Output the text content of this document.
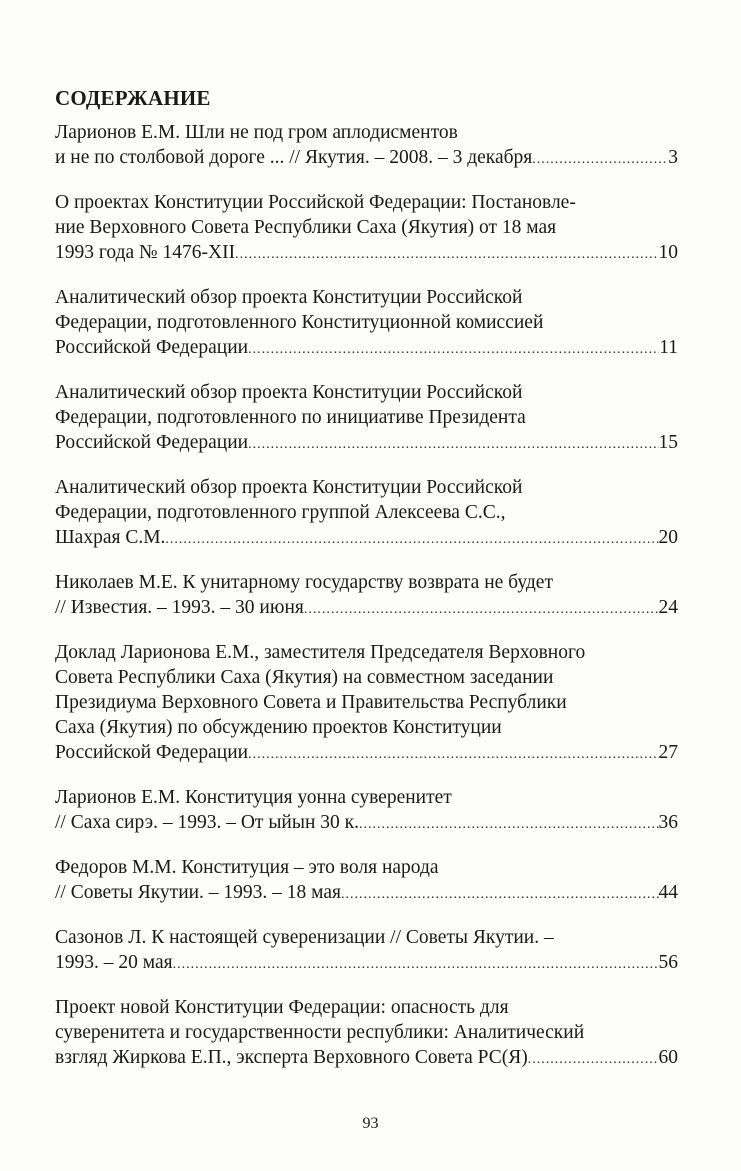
СОДЕРЖАНИЕ
Ларионов Е.М. Шли не под гром аплодисментов
и не по столбовой дороге ... // Якутия. – 2008. – 3 декабря .....	3
О проектах Конституции Российской Федерации: Постановле-
ние Верховного Совета Республики Саха (Якутия) от 18 мая
1993 года № 1476-XII .....	10
Аналитический обзор проекта Конституции Российской
Федерации, подготовленного Конституционной комиссией
Российской Федерации .....	11
Аналитический обзор проекта Конституции Российской
Федерации, подготовленного по инициативе Президента
Российской Федерации .....	15
Аналитический обзор проекта Конституции Российской
Федерации, подготовленного группой Алексеева С.С.,
Шахрая С.М. .....	20
Николаев М.Е. К унитарному государству возврата не будет
// Известия. – 1993. – 30 июня .....	24
Доклад Ларионова Е.М., заместителя Председателя Верховного
Совета Республики Саха (Якутия) на совместном заседании
Президиума Верховного Совета и Правительства Республики
Саха (Якутия) по обсуждению проектов Конституции
Российской Федерации .....	27
Ларионов Е.М. Конституция уонна суверенитет
// Саха сирэ. – 1993. – От ыйын 30 к. .....	36
Федоров М.М. Конституция – это воля народа
// Советы Якутии. – 1993. – 18 мая .....	44
Сазонов Л. К настоящей суверенизации // Советы Якутии. –
1993. – 20 мая .....	56
Проект новой Конституции Федерации: опасность для
суверенитета и государственности республики: Аналитический
взгляд Жиркова Е.П., эксперта Верховного Совета РС(Я) .....	60
93
